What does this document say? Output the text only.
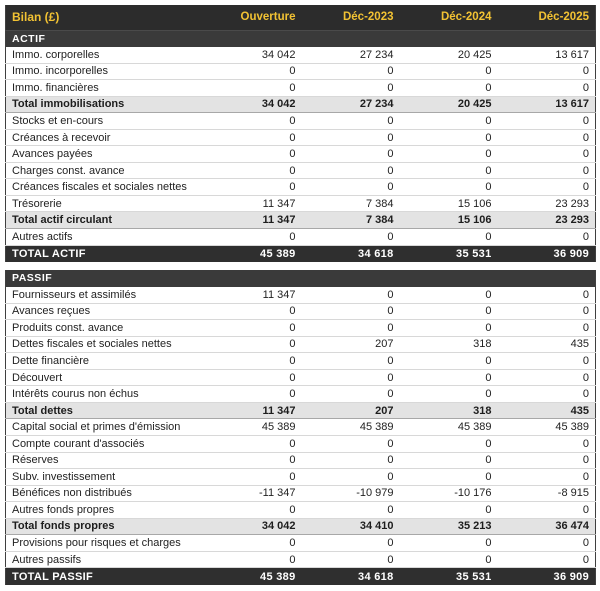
Bilan (£)	Ouverture	Déc-2023	Déc-2024	Déc-2025
ACTIF				
Immo. corporelles	34 042	27 234	20 425	13 617
Immo. incorporelles	0	0	0	0
Immo. financières	0	0	0	0
Total immobilisations	34 042	27 234	20 425	13 617
Stocks et en-cours	0	0	0	0
Créances à recevoir	0	0	0	0
Avances payées	0	0	0	0
Charges const. avance	0	0	0	0
Créances fiscales et sociales nettes	0	0	0	0
Trésorerie	11 347	7 384	15 106	23 293
Total actif circulant	11 347	7 384	15 106	23 293
Autres actifs	0	0	0	0
TOTAL ACTIF	45 389	34 618	35 531	36 909
PASSIF				
Fournisseurs et assimilés	11 347	0	0	0
Avances reçues	0	0	0	0
Produits const. avance	0	0	0	0
Dettes fiscales et sociales nettes	0	207	318	435
Dette financière	0	0	0	0
Découvert	0	0	0	0
Intérêts courus non échus	0	0	0	0
Total dettes	11 347	207	318	435
Capital social et primes d'émission	45 389	45 389	45 389	45 389
Compte courant d'associés	0	0	0	0
Réserves	0	0	0	0
Subv. investissement	0	0	0	0
Bénéfices non distribués	-11 347	-10 979	-10 176	-8 915
Autres fonds propres	0	0	0	0
Total fonds propres	34 042	34 410	35 213	36 474
Provisions pour risques et charges	0	0	0	0
Autres passifs	0	0	0	0
TOTAL PASSIF	45 389	34 618	35 531	36 909
